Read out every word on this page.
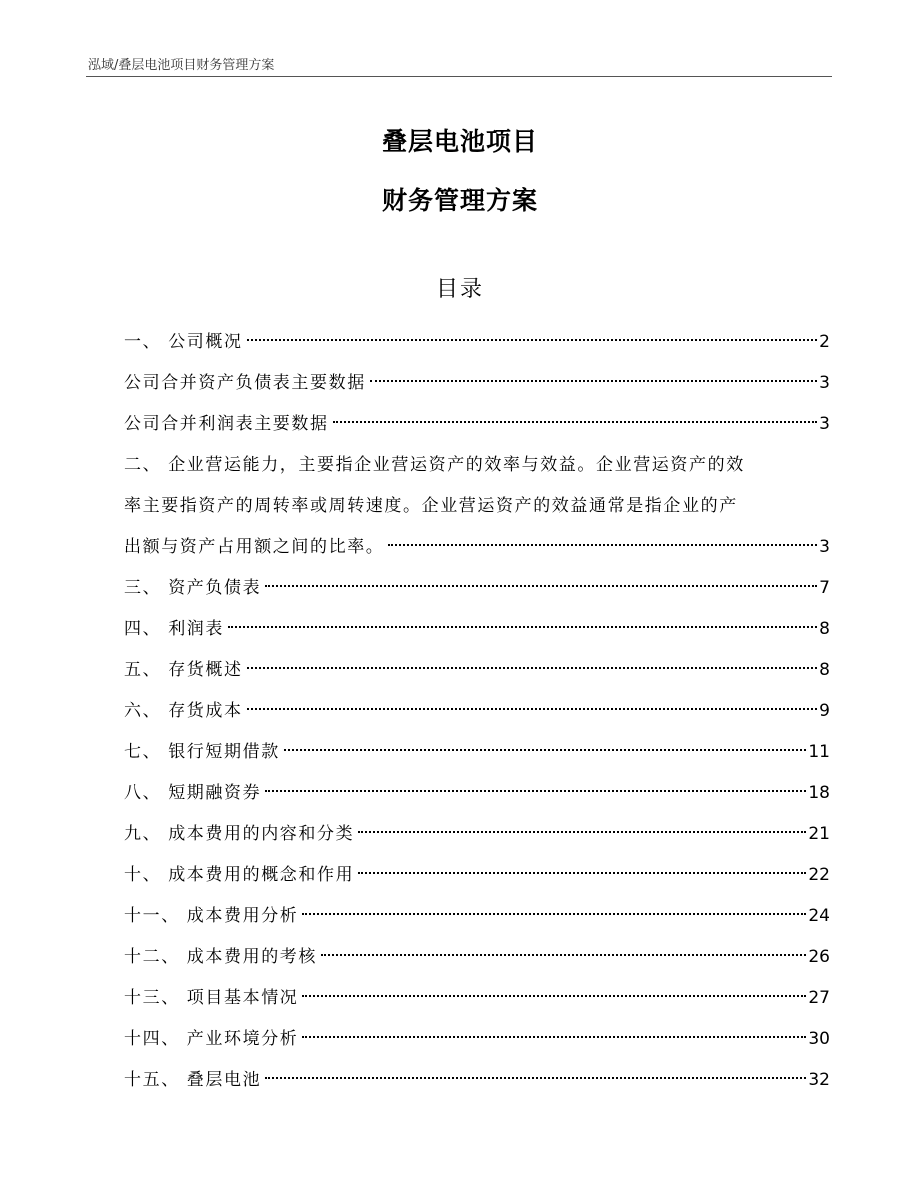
泓域/叠层电池项目财务管理方案
叠层电池项目
财务管理方案
目录
一、 公司概况	2
公司合并资产负债表主要数据	3
公司合并利润表主要数据	3
二、 企业营运能力，主要指企业营运资产的效率与效益。企业营运资产的效
率主要指资产的周转率或周转速度。企业营运资产的效益通常是指企业的产
出额与资产占用额之间的比率。	3
三、 资产负债表	7
四、 利润表	8
五、 存货概述	8
六、 存货成本	9
七、 银行短期借款	11
八、 短期融资券	18
九、 成本费用的内容和分类	21
十、 成本费用的概念和作用	22
十一、 成本费用分析	24
十二、 成本费用的考核	26
十三、 项目基本情况	27
十四、 产业环境分析	30
十五、 叠层电池	32
